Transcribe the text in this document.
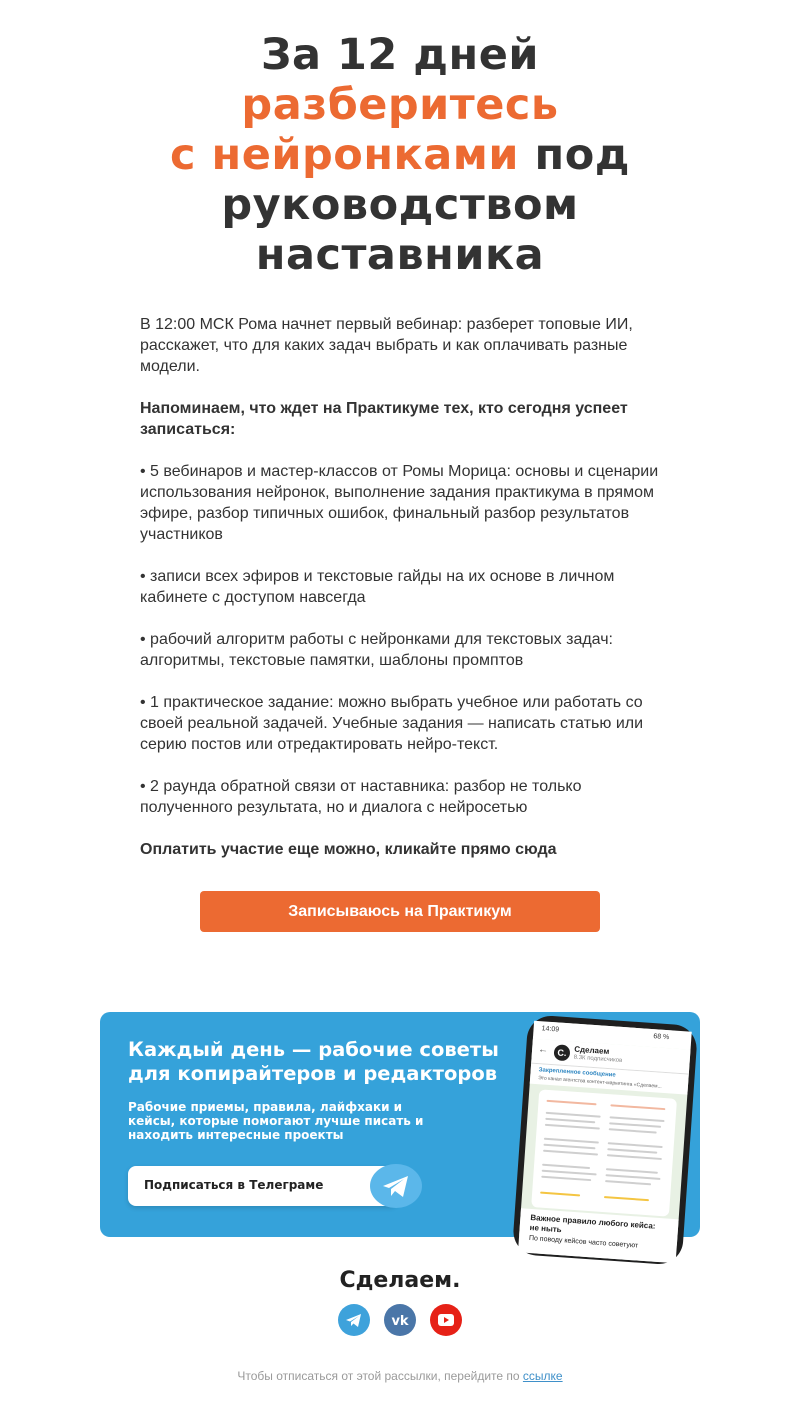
За 12 дней
разберитесь
с нейронками под
руководством
наставника

В 12:00 МСК Рома начнет первый вебинар: разберет топовые ИИ, расскажет, что для каких задач выбрать и как оплачивать разные модели.

Напоминаем, что ждет на Практикуме тех, кто сегодня успеет записаться:

• 5 вебинаров и мастер-классов от Ромы Морица: основы и сценарии использования нейронок, выполнение задания практикума в прямом эфире, разбор типичных ошибок, финальный разбор результатов участников

• записи всех эфиров и текстовые гайды на их основе в личном кабинете с доступом навсегда

• рабочий алгоритм работы с нейронками для текстовых задач: алгоритмы, текстовые памятки, шаблоны промптов

• 1 практическое задание: можно выбрать учебное или работать со своей реальной задачей. Учебные задания — написать статью или серию постов или отредактировать нейро-текст.

• 2 раунда обратной связи от наставника: разбор не только полученного результата, но и диалога с нейросетью

Оплатить участие еще можно, кликайте прямо сюда

Записываюсь на Практикум
Каждый день — рабочие советы для копирайтеров и редакторов
Рабочие приемы, правила, лайфхаки и кейсы, которые помогают лучше писать и находить интересные проекты
Подписаться в Телеграме
14:09
68 %
← С. Сделаем
8.3К подписчиков
Закрепленное сообщение
Это канал агентства контент-маркетинга «Сделаем...
Важное правило любого кейса: не ныть
По поводу кейсов часто советуют
Сделаем.
vk
Чтобы отписаться от этой рассылки, перейдите по ссылке
